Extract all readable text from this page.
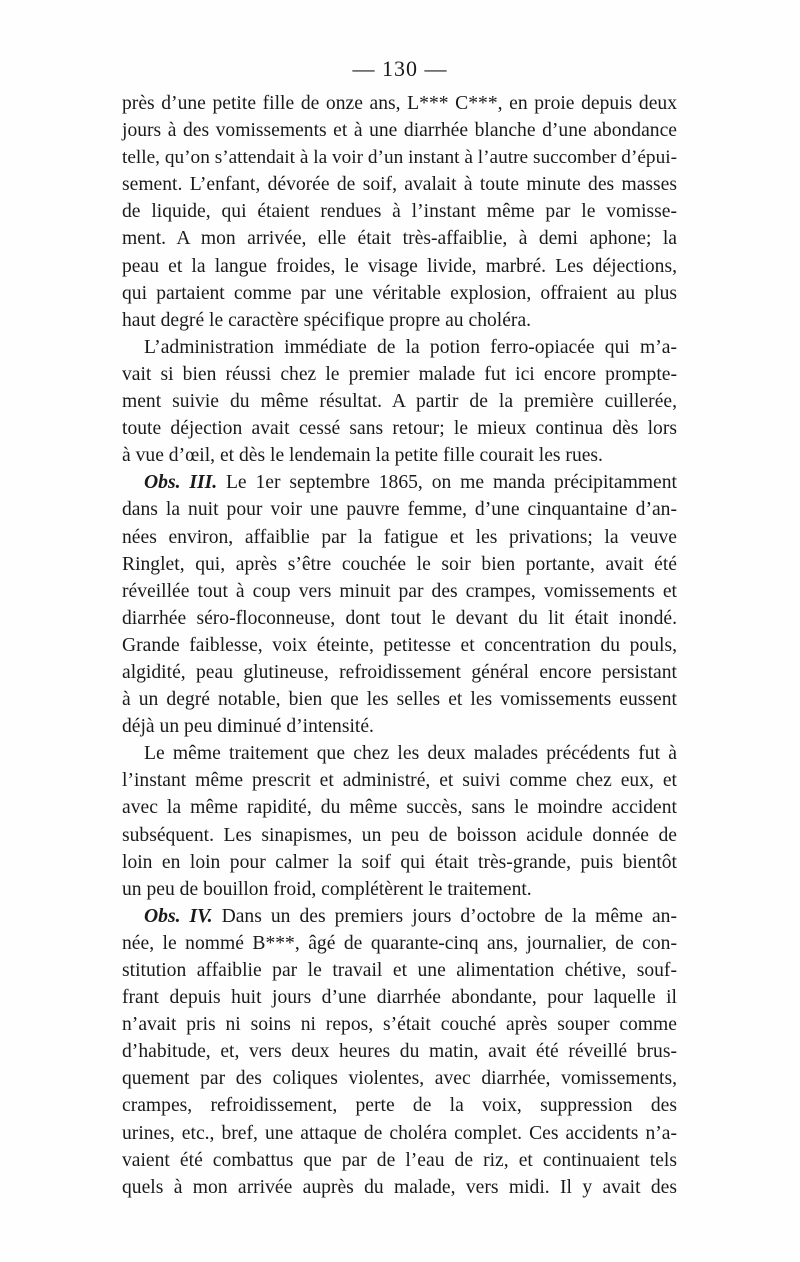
— 130 —
près d’une petite fille de onze ans, L*** C***, en proie depuis deux
jours à des vomissements et à une diarrhée blanche d’une abondance
telle, qu’on s’attendait à la voir d’un instant à l’autre succomber d’épui-
sement. L’enfant, dévorée de soif, avalait à toute minute des masses
de liquide, qui étaient rendues à l’instant même par le vomisse-
ment. A mon arrivée, elle était très-affaiblie, à demi aphone; la
peau et la langue froides, le visage livide, marbré. Les déjections,
qui partaient comme par une véritable explosion, offraient au plus
haut degré le caractère spécifique propre au choléra.
L’administration immédiate de la potion ferro-opiacée qui m’a-
vait si bien réussi chez le premier malade fut ici encore prompte-
ment suivie du même résultat. A partir de la première cuillerée,
toute déjection avait cessé sans retour; le mieux continua dès lors
à vue d’œil, et dès le lendemain la petite fille courait les rues.
Obs. III. Le 1er septembre 1865, on me manda précipitamment
dans la nuit pour voir une pauvre femme, d’une cinquantaine d’an-
nées environ, affaiblie par la fatigue et les privations; la veuve
Ringlet, qui, après s’être couchée le soir bien portante, avait été
réveillée tout à coup vers minuit par des crampes, vomissements et
diarrhée séro-floconneuse, dont tout le devant du lit était inondé.
Grande faiblesse, voix éteinte, petitesse et concentration du pouls,
algidité, peau glutineuse, refroidissement général encore persistant
à un degré notable, bien que les selles et les vomissements eussent
déjà un peu diminué d’intensité.
Le même traitement que chez les deux malades précédents fut à
l’instant même prescrit et administré, et suivi comme chez eux, et
avec la même rapidité, du même succès, sans le moindre accident
subséquent. Les sinapismes, un peu de boisson acidule donnée de
loin en loin pour calmer la soif qui était très-grande, puis bientôt
un peu de bouillon froid, complétèrent le traitement.
Obs. IV. Dans un des premiers jours d’octobre de la même an-
née, le nommé B***, âgé de quarante-cinq ans, journalier, de con-
stitution affaiblie par le travail et une alimentation chétive, souf-
frant depuis huit jours d’une diarrhée abondante, pour laquelle il
n’avait pris ni soins ni repos, s’était couché après souper comme
d’habitude, et, vers deux heures du matin, avait été réveillé brus-
quement par des coliques violentes, avec diarrhée, vomissements,
crampes, refroidissement, perte de la voix, suppression des
urines, etc., bref, une attaque de choléra complet. Ces accidents n’a-
vaient été combattus que par de l’eau de riz, et continuaient tels
quels à mon arrivée auprès du malade, vers midi. Il y avait des
